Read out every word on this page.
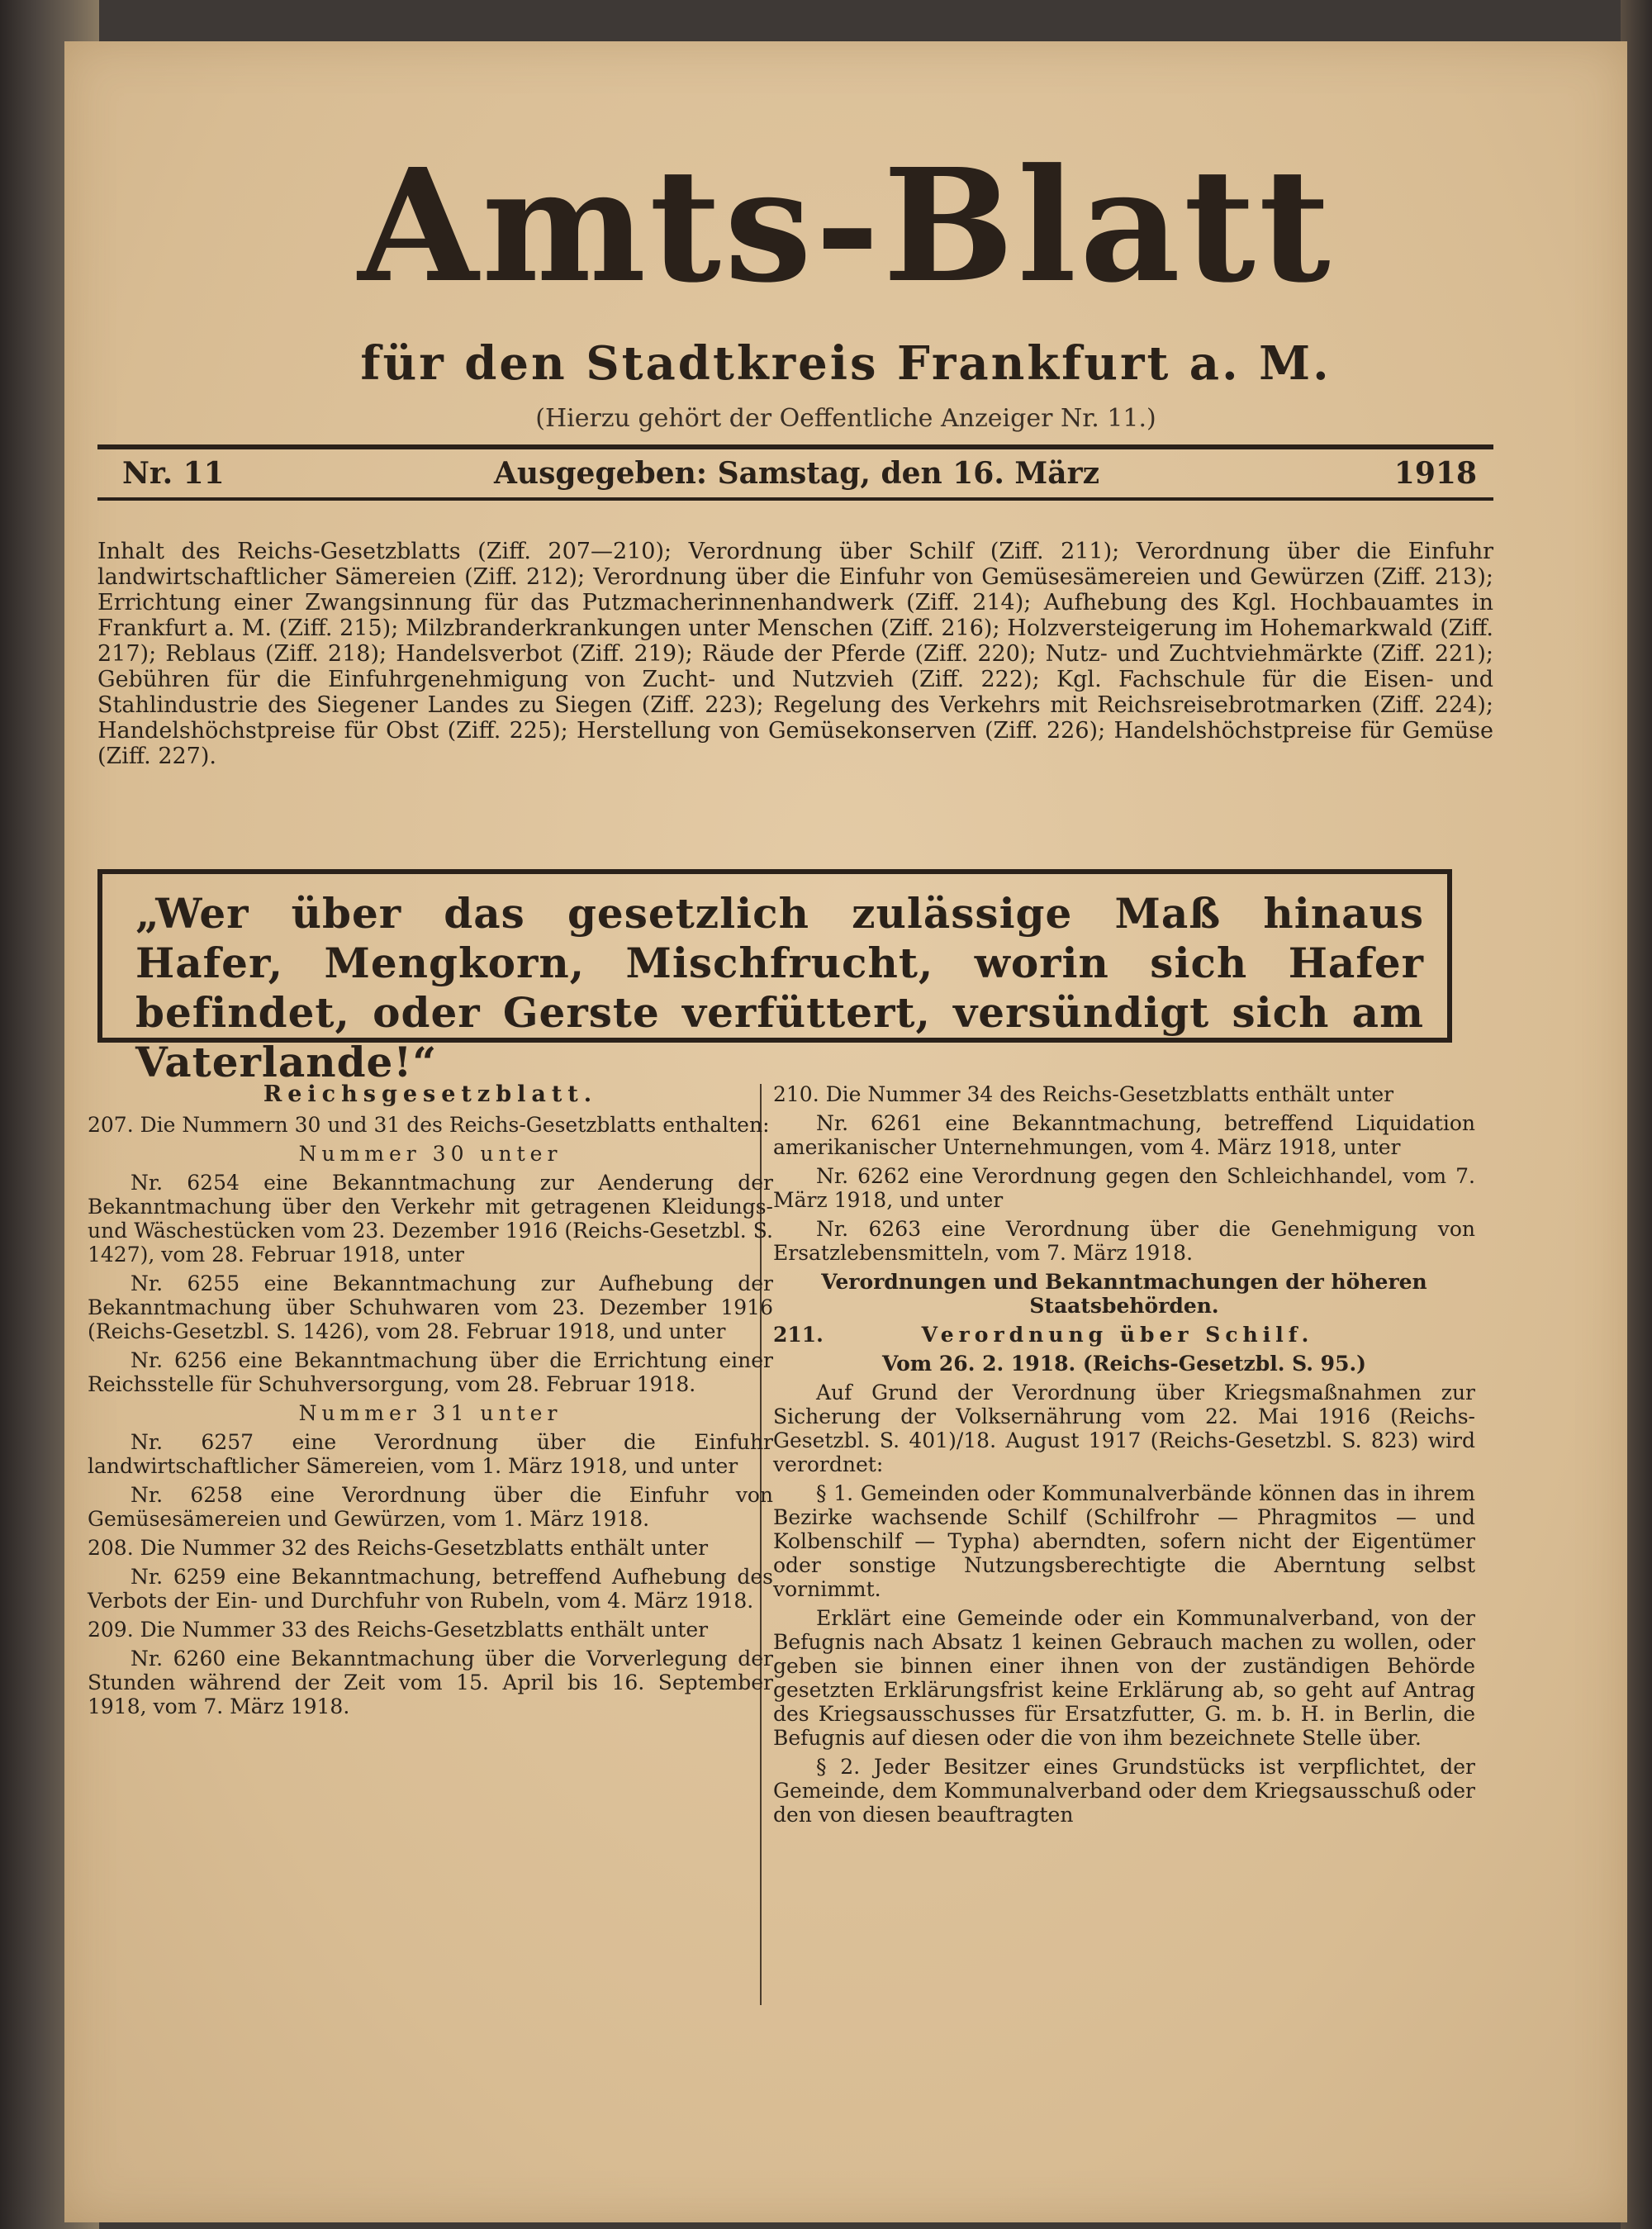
Amts-Blatt
für den Stadtkreis Frankfurt a. M.
(Hierzu gehört der Oeffentliche Anzeiger Nr. 11.)
Nr. 11	Ausgegeben: Samstag, den 16. März	1918
Inhalt des Reichs-Gesetzblatts (Ziff. 207—210); Verordnung über Schilf (Ziff. 211); Verordnung über die Einfuhr landwirtschaftlicher Sämereien (Ziff. 212); Verordnung über die Einfuhr von Gemüsesämereien und Gewürzen (Ziff. 213); Errichtung einer Zwangsinnung für das Putzmacherinnenhandwerk (Ziff. 214); Aufhebung des Kgl. Hochbauamtes in Frankfurt a. M. (Ziff. 215); Milzbranderkrankungen unter Menschen (Ziff. 216); Holzversteigerung im Hohemarkwald (Ziff. 217); Reblaus (Ziff. 218); Handelsverbot (Ziff. 219); Räude der Pferde (Ziff. 220); Nutz- und Zuchtviehmärkte (Ziff. 221); Gebühren für die Einfuhrgenehmigung von Zucht- und Nutzvieh (Ziff. 222); Kgl. Fachschule für die Eisen- und Stahlindustrie des Siegener Landes zu Siegen (Ziff. 223); Regelung des Verkehrs mit Reichsreisebrotmarken (Ziff. 224); Handelshöchstpreise für Obst (Ziff. 225); Herstellung von Gemüsekonserven (Ziff. 226); Handelshöchstpreise für Gemüse (Ziff. 227).
„Wer über das gesetzlich zulässige Maß hinaus Hafer, Mengkorn, Mischfrucht, worin sich Hafer befindet, oder Gerste verfüttert, versündigt sich am Vaterlande!“

Reichsgesetzblatt.

207. Die Nummern 30 und 31 des Reichs-Gesetzblatts enthalten:

Nummer 30 unter

Nr. 6254 eine Bekanntmachung zur Aenderung der Bekanntmachung über den Verkehr mit getragenen Kleidungs- und Wäschestücken vom 23. Dezember 1916 (Reichs-Gesetzbl. S. 1427), vom 28. Februar 1918, unter

Nr. 6255 eine Bekanntmachung zur Aufhebung der Bekanntmachung über Schuhwaren vom 23. Dezember 1916 (Reichs-Gesetzbl. S. 1426), vom 28. Februar 1918, und unter

Nr. 6256 eine Bekanntmachung über die Errichtung einer Reichsstelle für Schuhversorgung, vom 28. Februar 1918.

Nummer 31 unter

Nr. 6257 eine Verordnung über die Einfuhr landwirtschaftlicher Sämereien, vom 1. März 1918, und unter

Nr. 6258 eine Verordnung über die Einfuhr von Gemüsesämereien und Gewürzen, vom 1. März 1918.

208. Die Nummer 32 des Reichs-Gesetzblatts enthält unter

Nr. 6259 eine Bekanntmachung, betreffend Aufhebung des Verbots der Ein- und Durchfuhr von Rubeln, vom 4. März 1918.

209. Die Nummer 33 des Reichs-Gesetzblatts enthält unter

Nr. 6260 eine Bekanntmachung über die Vorverlegung der Stunden während der Zeit vom 15. April bis 16. September 1918, vom 7. März 1918.

210. Die Nummer 34 des Reichs-Gesetzblatts enthält unter

Nr. 6261 eine Bekanntmachung, betreffend Liquidation amerikanischer Unternehmungen, vom 4. März 1918, unter

Nr. 6262 eine Verordnung gegen den Schleichhandel, vom 7. März 1918, und unter

Nr. 6263 eine Verordnung über die Genehmigung von Ersatzlebensmitteln, vom 7. März 1918.

Verordnungen und Bekanntmachungen der höheren Staatsbehörden.

211.	Verordnung über Schilf.

Vom 26. 2. 1918. (Reichs-Gesetzbl. S. 95.)

Auf Grund der Verordnung über Kriegsmaßnahmen zur Sicherung der Volksernährung vom 22. Mai 1916 (Reichs-Gesetzbl. S. 401)/18. August 1917 (Reichs-Gesetzbl. S. 823) wird verordnet:

§ 1. Gemeinden oder Kommunalverbände können das in ihrem Bezirke wachsende Schilf (Schilfrohr — Phragmitos — und Kolbenschilf — Typha) aberndten, sofern nicht der Eigentümer oder sonstige Nutzungsberechtigte die Aberntung selbst vornimmt.

Erklärt eine Gemeinde oder ein Kommunalverband, von der Befugnis nach Absatz 1 keinen Gebrauch machen zu wollen, oder geben sie binnen einer ihnen von der zuständigen Behörde gesetzten Erklärungsfrist keine Erklärung ab, so geht auf Antrag des Kriegsausschusses für Ersatzfutter, G. m. b. H. in Berlin, die Befugnis auf diesen oder die von ihm bezeichnete Stelle über.

§ 2. Jeder Besitzer eines Grundstücks ist verpflichtet, der Gemeinde, dem Kommunalverband oder dem Kriegsausschuß oder den von diesen beauftragten
